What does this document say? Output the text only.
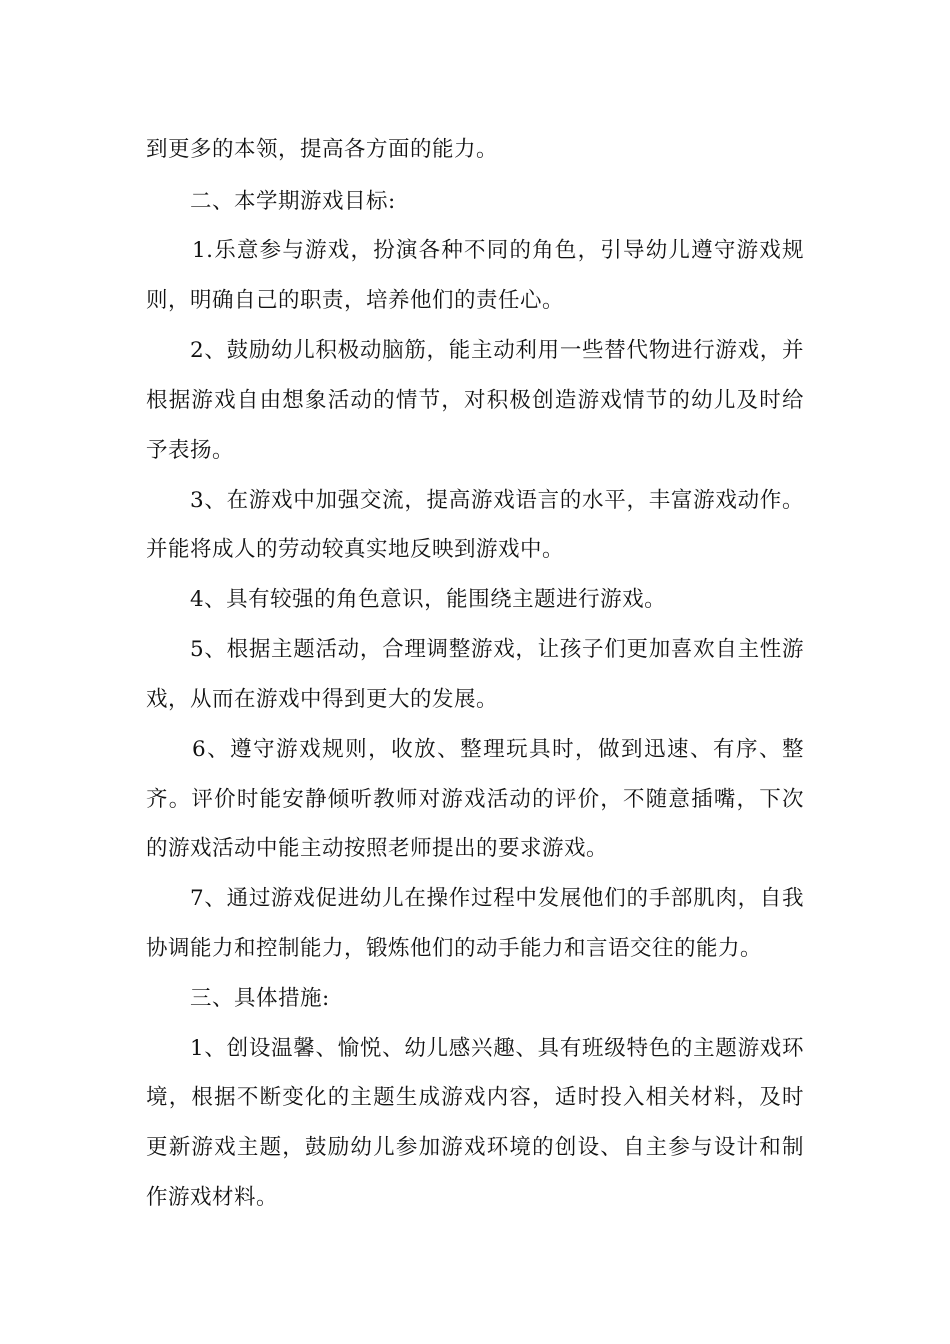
到更多的本领，提高各方面的能力。
二、本学期游戏目标:
1.乐意参与游戏，扮演各种不同的角色，引导幼儿遵守游戏规
则，明确自己的职责，培养他们的责任心。
2、鼓励幼儿积极动脑筋，能主动利用一些替代物进行游戏，并
根据游戏自由想象活动的情节，对积极创造游戏情节的幼儿及时给
予表扬。
3、在游戏中加强交流，提高游戏语言的水平，丰富游戏动作。
并能将成人的劳动较真实地反映到游戏中。
4、具有较强的角色意识，能围绕主题进行游戏。
5、根据主题活动，合理调整游戏，让孩子们更加喜欢自主性游
戏，从而在游戏中得到更大的发展。
6、遵守游戏规则，收放、整理玩具时，做到迅速、有序、整
齐。评价时能安静倾听教师对游戏活动的评价，不随意插嘴，下次
的游戏活动中能主动按照老师提出的要求游戏。
7、通过游戏促进幼儿在操作过程中发展他们的手部肌肉，自我
协调能力和控制能力，锻炼他们的动手能力和言语交往的能力。
三、具体措施:
1、创设温馨、愉悦、幼儿感兴趣、具有班级特色的主题游戏环
境，根据不断变化的主题生成游戏内容，适时投入相关材料，及时
更新游戏主题，鼓励幼儿参加游戏环境的创设、自主参与设计和制
作游戏材料。
